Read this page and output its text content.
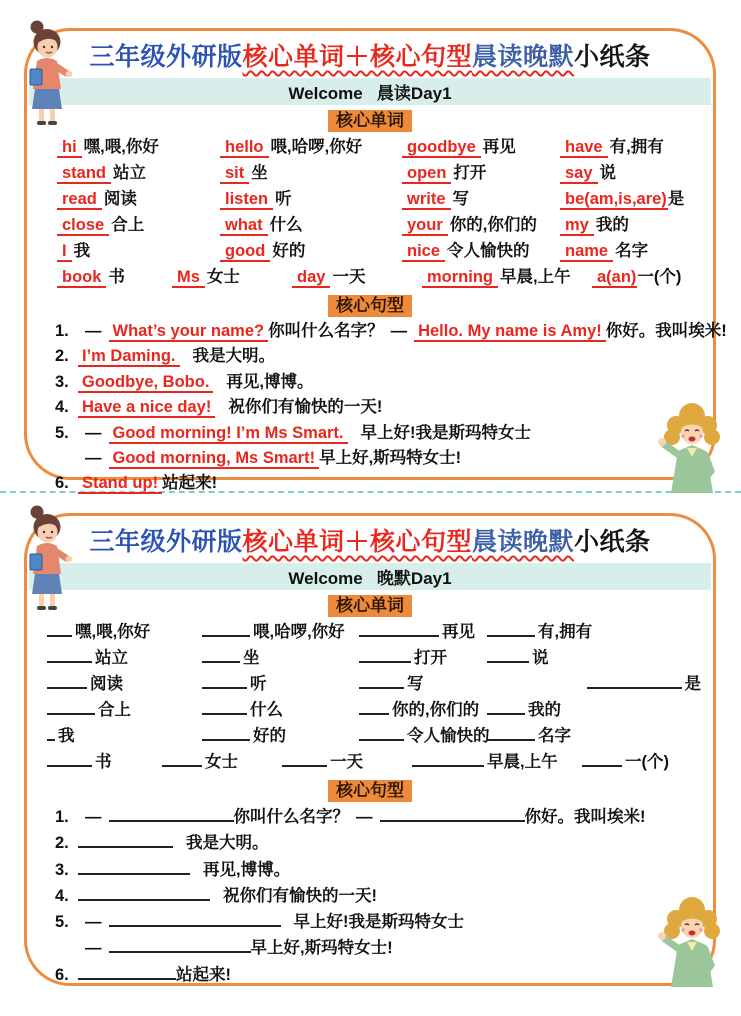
三年级外研版核心单词＋核心句型晨读晚默小纸条
Welcome   晨读Day1
核心单词
hi 嘿,喂,你好	hello 喂,哈啰,你好	goodbye 再见	have 有,拥有
stand 站立	sit 坐	open 打开	say 说
read 阅读	listen 听	write 写	be(am,is,are)是
close 合上	what 什么	your 你的,你们的	my 我的
I 我	good 好的	nice 令人愉快的	name 名字
book 书	Ms 女士	day 一天	morning 早晨,上午	a(an)一(个)
核心句型
1. — What’s your name? 你叫什么名字？ — Hello. My name is Amy! 你好。我叫埃米!
2. I’m Daming. 我是大明。
3. Goodbye, Bobo. 再见,博博。
4. Have a nice day! 祝你们有愉快的一天!
5. — Good morning! I’m Ms Smart. 早上好!我是斯玛特女士
— Good morning, Ms Smart! 早上好,斯玛特女士!
6. Stand up! 站起来!
三年级外研版核心单词＋核心句型晨读晚默小纸条
Welcome   晚默Day1
核心单词
嘿,喂,你好	喂,哈啰,你好	再见	有,拥有
站立	坐	打开	说
阅读	听	写	是
合上	什么	你的,你们的	我的
我	好的	令人愉快的	名字
书	女士	一天	早晨,上午	一(个)
核心句型
1. —	你叫什么名字？ —	你好。我叫埃米!
2.	我是大明。
3.	再见,博博。
4.	祝你们有愉快的一天!
5. —	早上好!我是斯玛特女士
—	早上好,斯玛特女士!
6.	站起来!
